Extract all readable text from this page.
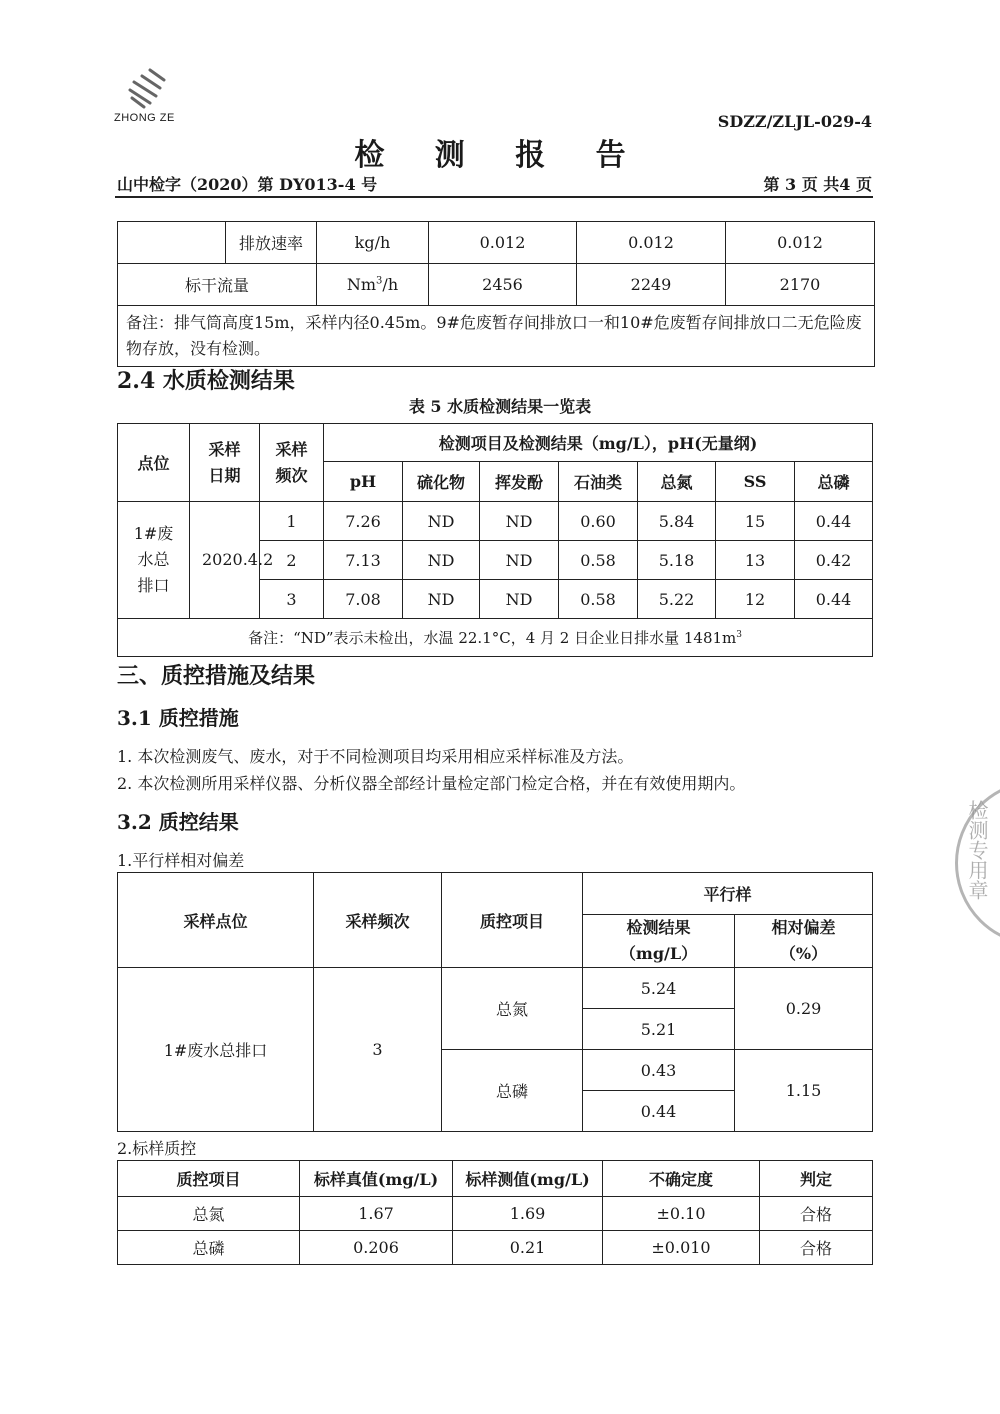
ZHONG ZE	SDZZ/ZLJL-029-4
检 测 报 告
山中检字（2020）第 DY013-4 号	第 3 页 共4 页
	排放速率	kg/h	0.012	0.012	0.012
标干流量		Nm$^3$/h	2456	2249	2170
备注：排气筒高度15m，采样内径0.45m。9#危废暂存间排放口一和10#危废暂存间排放口二无危险废物存放，没有检测。					
2.4 水质检测结果
表 5 水质检测结果一览表
点位	采样日期	采样频次	检测项目及检测结果（mg/L），pH(无量纲)						
			pH	硫化物	挥发酚	石油类	总氮	SS	总磷
1#废水总排口	2020.4.2	1	7.26	ND	ND	0.60	5.84	15	0.44
		2	7.13	ND	ND	0.58	5.18	13	0.42
		3	7.08	ND	ND	0.58	5.22	12	0.44
备注：“ND”表示未检出，水温 22.1°C，4 月 2 日企业日排水量 $1481m^3$
三、质控措施及结果
3.1 质控措施
1. 本次检测废气、废水，对于不同检测项目均采用相应采样标准及方法。
2. 本次检测所用采样仪器、分析仪器全部经计量检定部门检定合格，并在有效使用期内。
3.2 质控结果
1.平行样相对偏差
采样点位	采样频次	质控项目	平行样	
			检测结果（mg/L）	相对偏差（%）
1#废水总排口	3	总氮	5.24	0.29
			5.21	
		总磷	0.43	1.15
			0.44	
2.标样质控
质控项目	标样真值(mg/L)	标样测值(mg/L)	不确定度	判定
总氮	1.67	1.69	±0.10	合格
总磷	0.206	0.21	±0.010	合格
检测专用章
